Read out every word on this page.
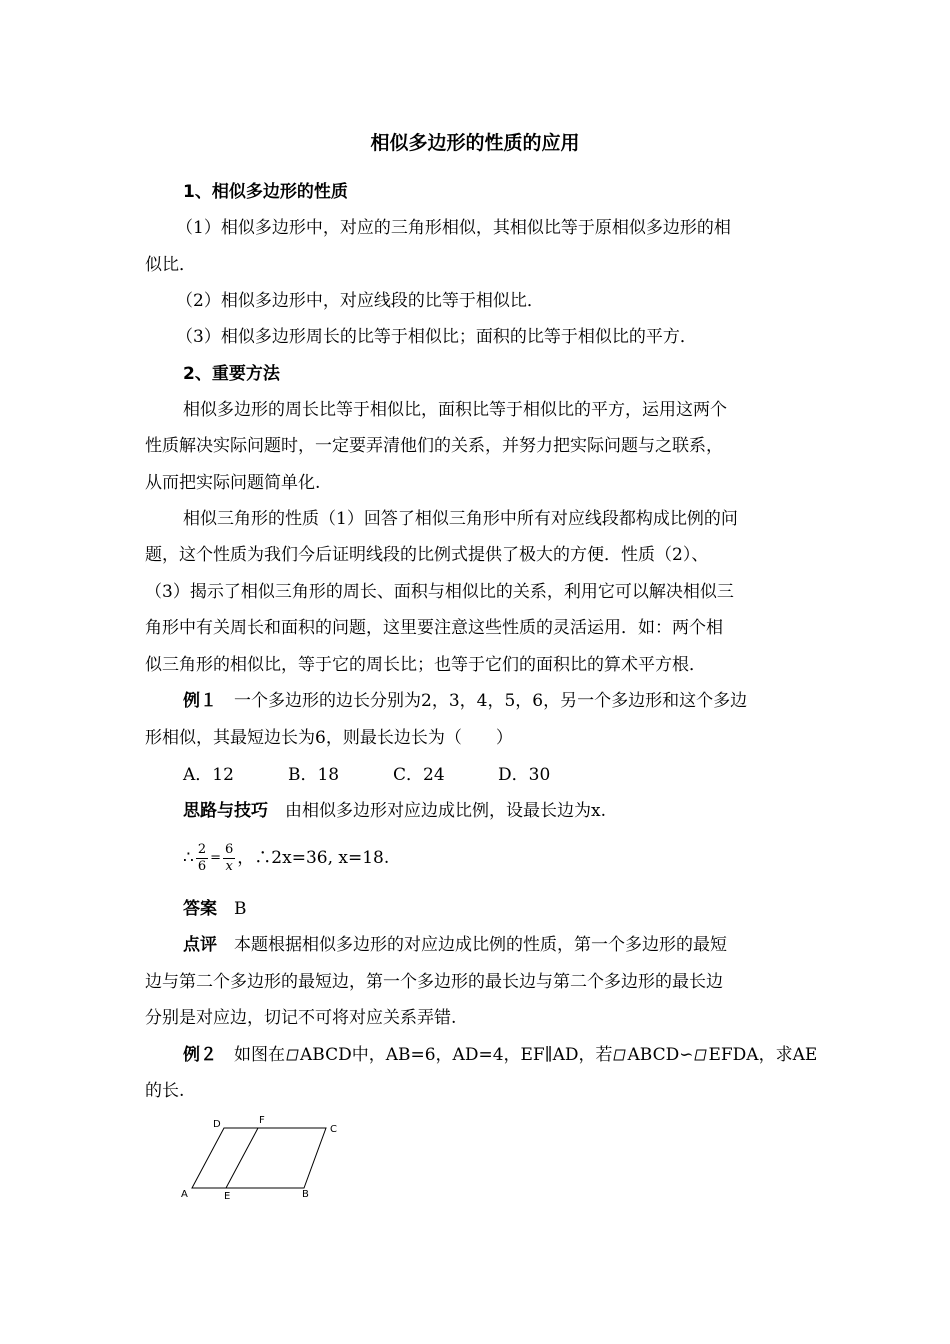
相似多边形的性质的应用
1、相似多边形的性质
（1）相似多边形中，对应的三角形相似，其相似比等于原相似多边形的相
似比．
（2）相似多边形中，对应线段的比等于相似比．
（3）相似多边形周长的比等于相似比；面积的比等于相似比的平方．
2、重要方法
相似多边形的周长比等于相似比，面积比等于相似比的平方，运用这两个
性质解决实际问题时，一定要弄清他们的关系，并努力把实际问题与之联系，
从而把实际问题简单化.
相似三角形的性质（1）回答了相似三角形中所有对应线段都构成比例的问
题，这个性质为我们今后证明线段的比例式提供了极大的方便．性质（2）、
（3）揭示了相似三角形的周长、面积与相似比的关系，利用它可以解决相似三
角形中有关周长和面积的问题，这里要注意这些性质的灵活运用．如：两个相
似三角形的相似比，等于它的周长比；也等于它们的面积比的算术平方根．
例１　一个多边形的边长分别为2，3，4，5，6，另一个多边形和这个多边
形相似，其最短边长为6，则最长边长为（　　）
A．12	B．18	C．24	D．30
思路与技巧　由相似多边形对应边成比例，设最长边为x.
∴ $\frac{2}{6} = \frac{6}{x}$ ，∴2x=36, x=18.
答案　B
点评　本题根据相似多边形的对应边成比例的性质，第一个多边形的最短
边与第二个多边形的最短边，第一个多边形的最长边与第二个多边形的最长边
分别是对应边，切记不可将对应关系弄错.
例２　如图在 ABCD中，AB=6，AD=4，EF∥AD，若 ABCD∽ EFDA，求AE
的长.
A	E	B
D	F
C
